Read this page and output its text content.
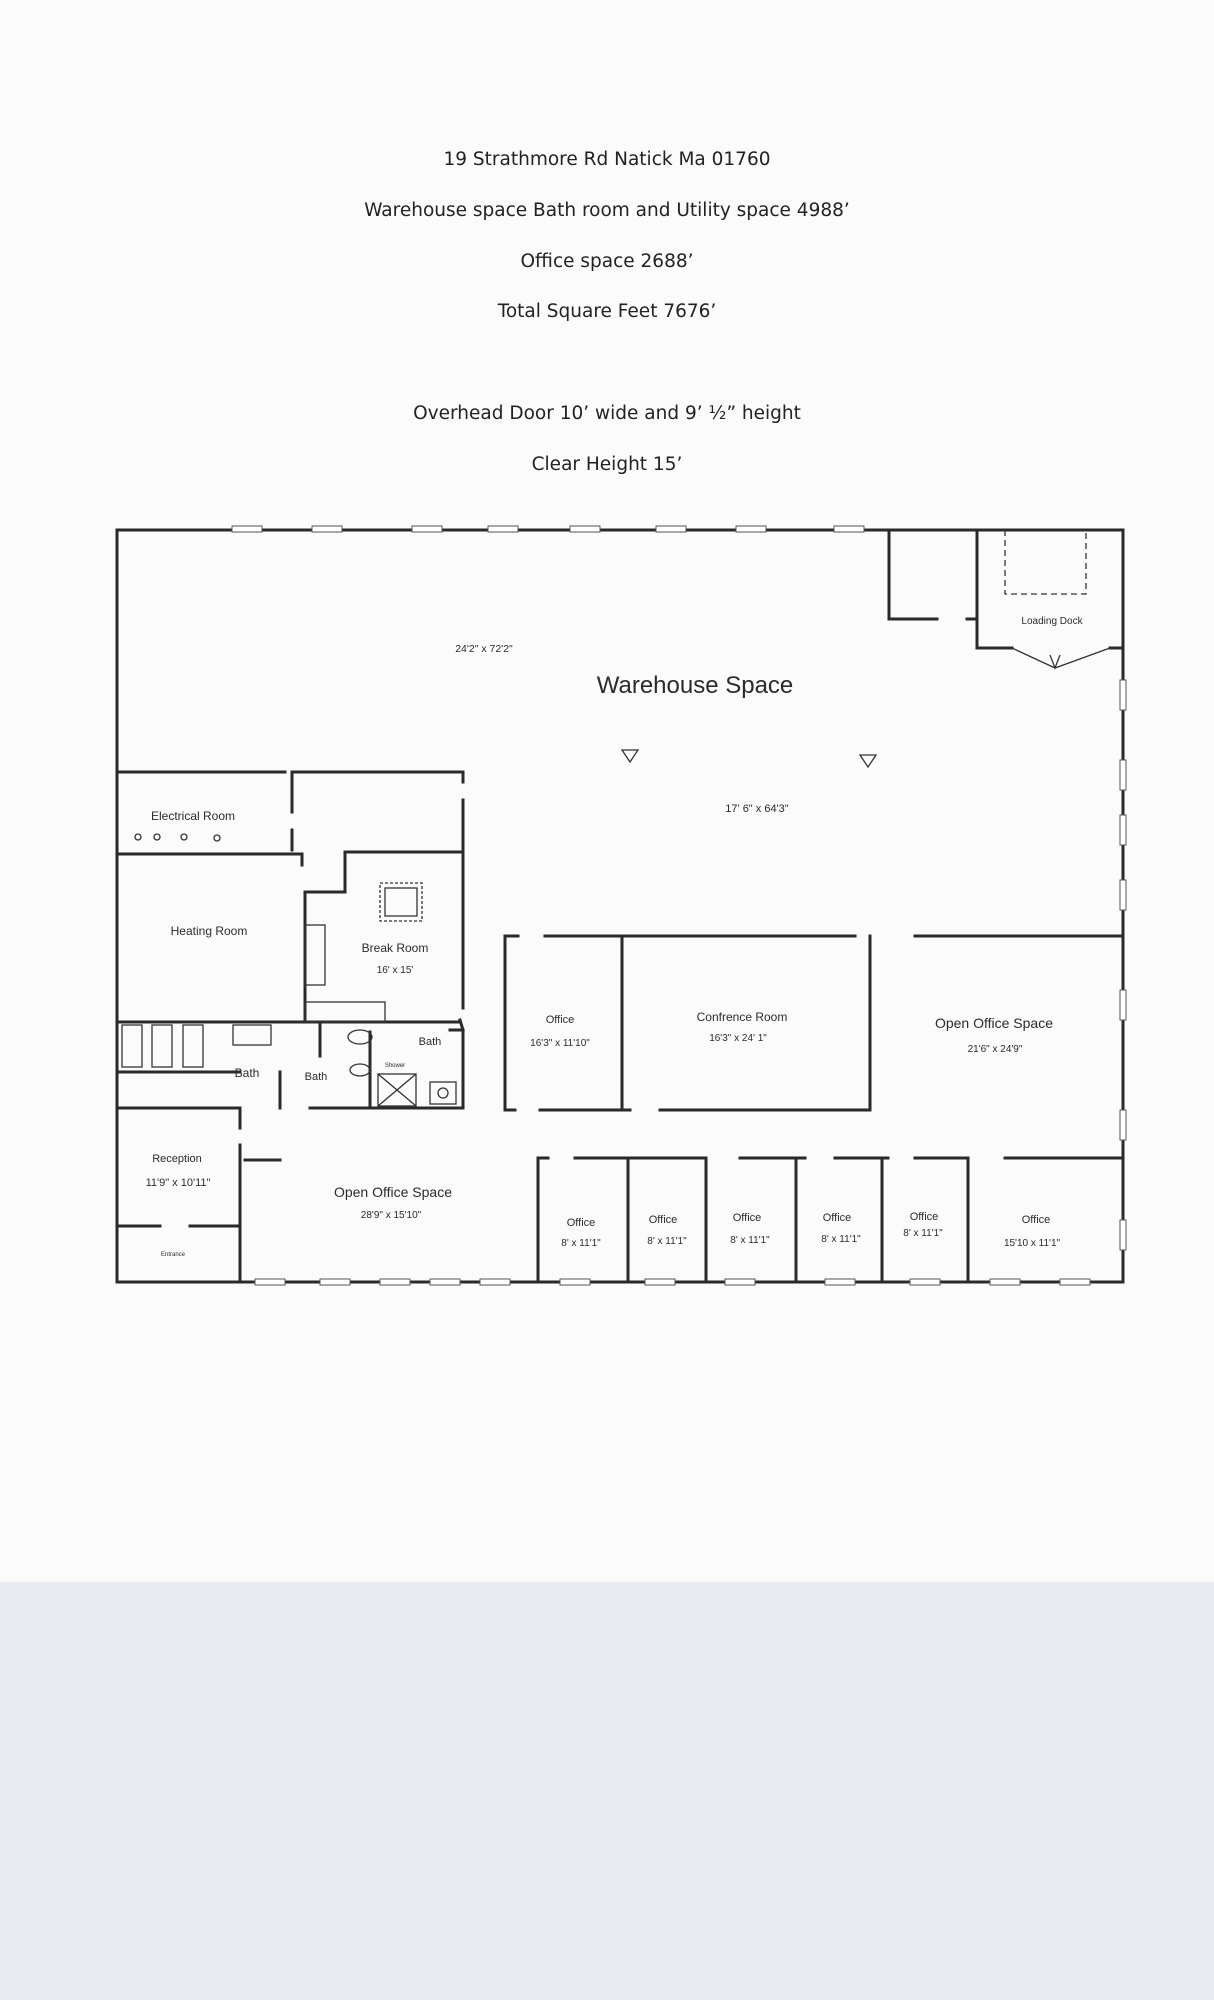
19 Strathmore Rd Natick Ma 01760

Warehouse space Bath room and Utility space 4988’

Office space 2688’

Total Square Feet 7676’

Overhead Door 10’ wide and 9’ ½” height

Clear Height 15’

24'2" x 72'2"
Warehouse Space
17' 6" x 64'3"
Loading Dock
Electrical Room
Heating Room
Break Room
16' x 15'
Office
16'3" x 11'10"
Confrence Room
16'3" x 24' 1"
Open Office Space
21'6" x 24'9"
Bath	Bath
Bath
Shower
Reception
11'9" x 10'11"
Entrance
Open Office Space
28'9" x 15'10"
Office
8' x 11'1"
Office
8' x 11'1"
Office
8' x 11'1"
Office
8' x 11'1"
Office
8' x 11'1"
Office
15'10 x 11'1"
